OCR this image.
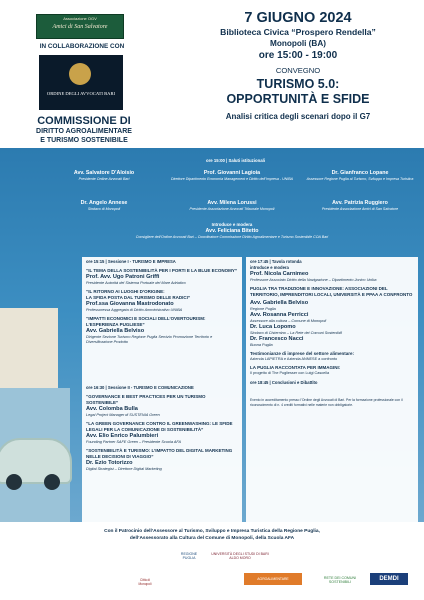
Associazione OGV
Amici di San Salvatore
IN COLLABORAZIONE CON
ORDINE DEGLI AVVOCATI BARI
COMMISSIONE DI
DIRITTO AGROALIMENTARE
E TURISMO SOSTENIBILE
7 GIUGNO 2024
Biblioteca Civica “Prospero Rendella”
Monopoli (BA)
ore 15:00 - 19:00
CONVEGNO
TURISMO 5.0:
OPPORTUNITÀ E SFIDE
Analisi critica degli scenari dopo il G7
ore 15:00 | Saluti istituzionali
Avv. Salvatore D’Aloisio
Presidente Ordine Avvocati Bari
Prof. Giovanni Lagioia
Direttore Dipartimento Economia Management e Diritto dell’Impresa - UNIBA
Dr. Gianfranco Lopane
Assessore Regione Puglia al Turismo, Sviluppo e Impresa Turistica
Dr. Angelo Annese
Sindaco di Monopoli
Avv. Milena Lorussi
Presidente Associazione Avvocati Tribunale Monopoli
Avv. Patrizia Ruggiero
Presidente Associazione Amici di San Salvatore
Introduce e modera
Avv. Feliciana Bitetto
Consigliere dell’Ordine Avvocati Bari – Coordinatore Commissione Diritto Agroalimentare e Turismo Sostenibile COA Bari
ore 15:15 | Sessione I - TURISMO E IMPRESA
“IL TEMA DELLA SOSTENIBILITÀ PER I PORTI E LA BLUE ECONOMY”
Prof. Avv. Ugo Patroni Griffi
Presidente Autorità del Sistema Portuale del Mare Adriatico
“IL RITORNO AI LUOGHI D’ORIGINE:
LA SFIDA POSTA DAL TURISMO DELLE RADICI”
Prof.ssa Giovanna Mastrodonato
Professoressa Aggregata di Diritto Amministrativo UNIBA
“IMPATTI ECONOMICI E SOCIALI DELL’OVERTOURISM: L’ESPERIENZA PUGLIESE”
Avv. Gabriella Belviso
Dirigente Sezione Turismo Regione Puglia Servizio Promozione Territorio e Diversificazione Prodotto
ore 16:30 | Sessione II - TURISMO E COMUNICAZIONE
“GOVERNANCE E BEST PRACTICES PER UN TURISMO SOSTENIBILE”
Avv. Colomba Bulla
Legal Project Manager di SUSTENIA Green
“LA GREEN GOVERNANCE CONTRO IL GREENWASHING: LE SFIDE LEGALI PER LA COMUNICAZIONE DI SOSTENIBILITÀ”
Avv. Elio Enrico Palumbieri
Founding Partner SAFE Green – Presidente Scuola AFA
“SOSTENIBILITÀ E TURISMO: L’IMPATTO DEL DIGITAL MARKETING NELLE DECISIONI DI VIAGGIO”
Dr. Ezio Totorizzo
Digital Strategist – Direttore Digital Marketing
ore 17:45 | Tavola rotonda
introduce e modera
Prof. Nicola Carnimeo
Professore Associato Diritto della Navigazione – Dipartimento Jonico Uniba
PUGLIA TRA TRADIZIONE E INNOVAZIONE: ASSOCIAZIONI DEL TERRITORIO, IMPRENDITORI LOCALI, UNIVERSITÀ E PPAA A CONFRONTO
Avv. Gabriella Belviso
Regione Puglia
Avv. Rosanna Perricci
Assessore alla cultura – Comune di Monopoli
Dr. Luca Lopomo
Sindaco di Cisternino – La Rete dei Comuni Sostenibili
Dr. Francesco Nacci
Buona Puglia
Testimonianze di imprese del settore alimentare:
Azienda LAPIETRA e Azienda ANNESE a confronto
LA PUGLIA RACCONTATA PER IMMAGINI:
Il progetto di The Pugliesser con Luigi Cascella
ore 18:45 | Conclusioni e Dibattito
Evento in accreditamento presso l’Ordine degli Avvocati di Bari. Per la formazione professionale con il riconoscimento di n. 4 crediti formativi nelle materie non obbligatorie.
Con il Patrocinio dell’Assessore al Turismo, Sviluppo e Impresa Turistica della Regione Puglia,
dell’Assessorato alla Cultura del Comune di Monopoli, della Scuola AFA
REGIONE PUGLIA
UNIVERSITÀ DEGLI STUDI DI BARI ALDO MORO
Città di Monopoli
AGROALIMENTARE	RETE DEI COMUNI SOSTENIBILI	DEMDI
